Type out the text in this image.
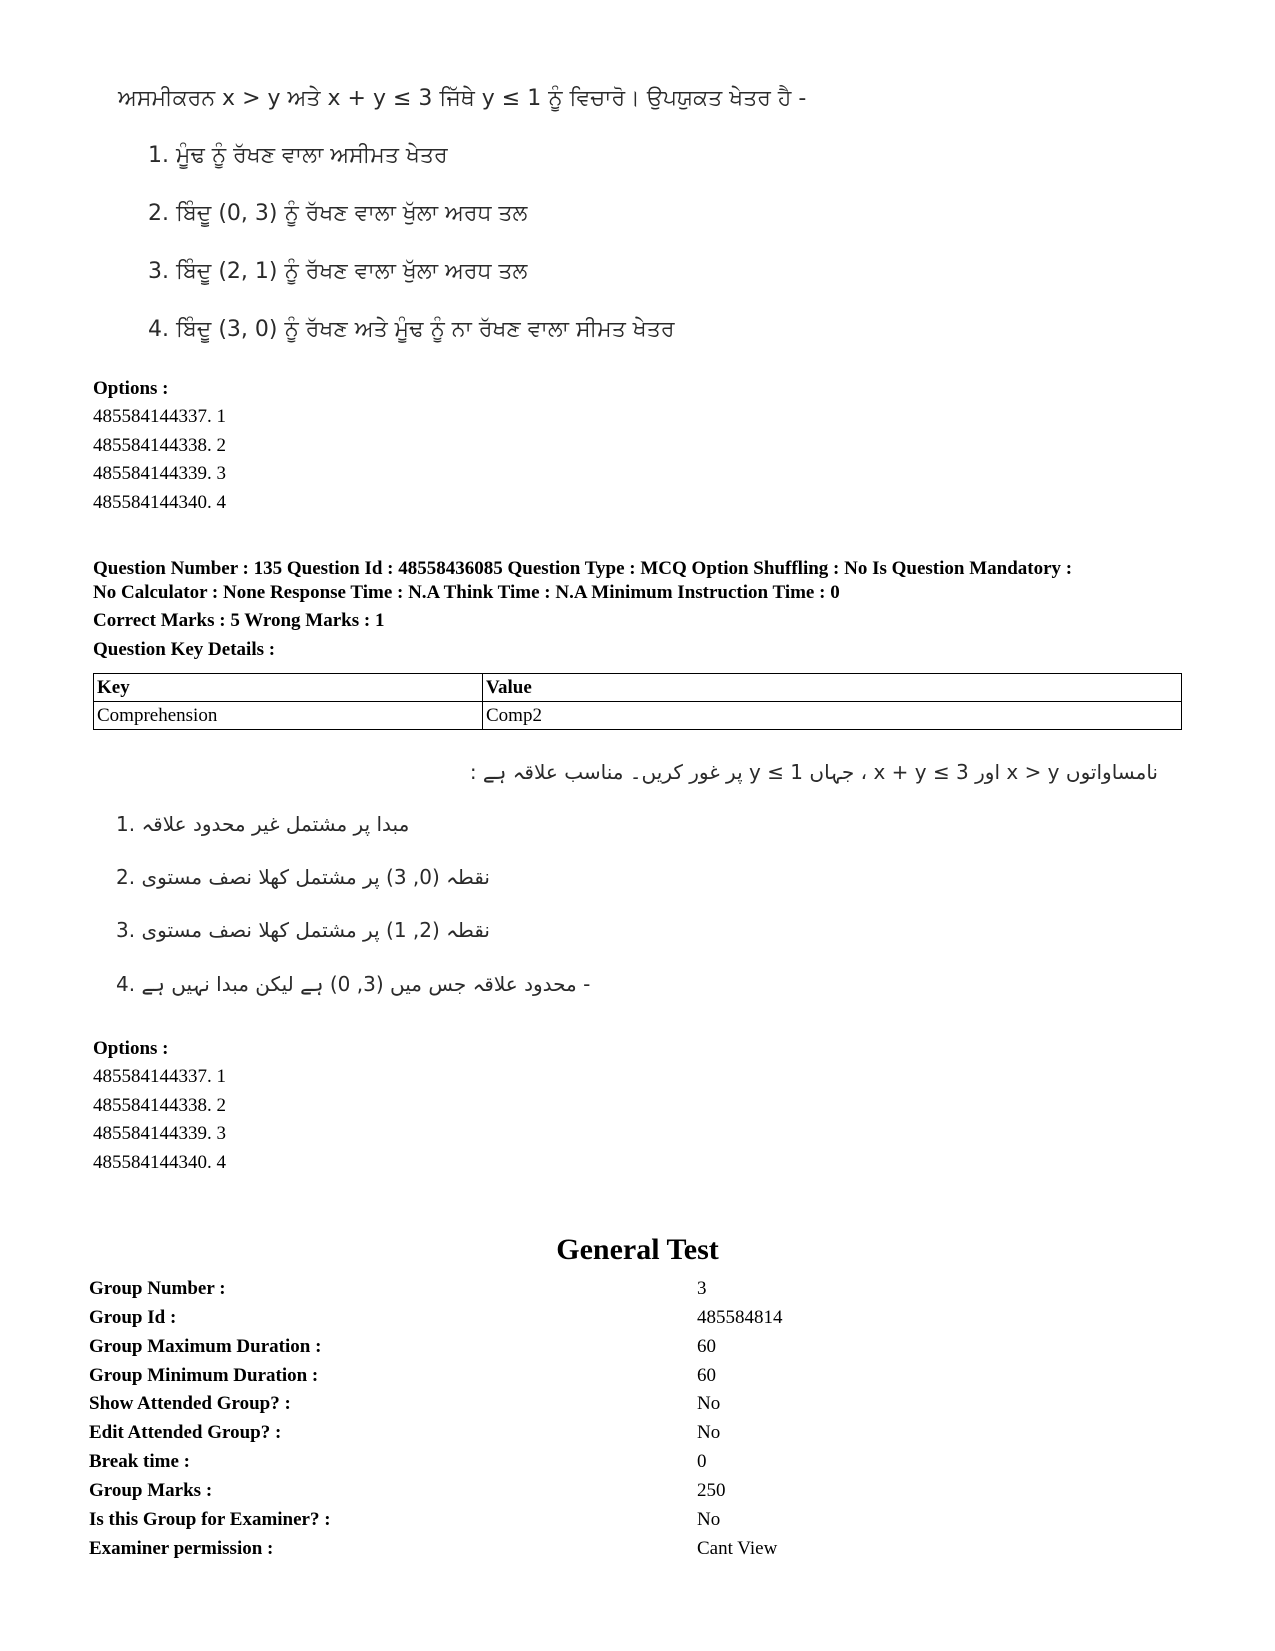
ਅਸਮੀਕਰਨ x > y ਅਤੇ x + y ≤ 3 ਜਿੱਥੇ y ≤ 1 ਨੂੰ ਵਿਚਾਰੋ। ਉਪਯੁਕਤ ਖੇਤਰ ਹੈ -
1. ਮੂੰਢ ਨੂੰ ਰੱਖਣ ਵਾਲਾ ਅਸੀਮਤ ਖੇਤਰ
2. ਬਿੰਦੂ (0, 3) ਨੂੰ ਰੱਖਣ ਵਾਲਾ ਖੁੱਲਾ ਅਰਧ ਤਲ
3. ਬਿੰਦੂ (2, 1) ਨੂੰ ਰੱਖਣ ਵਾਲਾ ਖੁੱਲਾ ਅਰਧ ਤਲ
4. ਬਿੰਦੂ (3, 0) ਨੂੰ ਰੱਖਣ ਅਤੇ ਮੂੰਢ ਨੂੰ ਨਾ ਰੱਖਣ ਵਾਲਾ ਸੀਮਤ ਖੇਤਰ
Options :
485584144337. 1
485584144338. 2
485584144339. 3
485584144340. 4
Question Number : 135 Question Id : 48558436085 Question Type : MCQ Option Shuffling : No Is Question Mandatory :
No Calculator : None Response Time : N.A Think Time : N.A Minimum Instruction Time : 0
Correct Marks : 5 Wrong Marks : 1
Question Key Details :
Key	Value
Comprehension	Comp2
نامساواتوں x > y اور x + y ≤ 3 ، جہاں y ≤ 1 پر غور کریں۔ مناسب علاقہ ہے :
1. مبدا پر مشتمل غیر محدود علاقہ
2. نقطہ (0, 3) پر مشتمل کھلا نصف مستوی
3. نقطہ (2, 1) پر مشتمل کھلا نصف مستوی
4. محدود علاقہ جس میں (3, 0) ہے لیکن مبدا نہیں ہے -
Options :
485584144337. 1
485584144338. 2
485584144339. 3
485584144340. 4
General Test
Group Number :	3
Group Id :	485584814
Group Maximum Duration :	60
Group Minimum Duration :	60
Show Attended Group? :	No
Edit Attended Group? :	No
Break time :	0
Group Marks :	250
Is this Group for Examiner? :	No
Examiner permission :	Cant View
